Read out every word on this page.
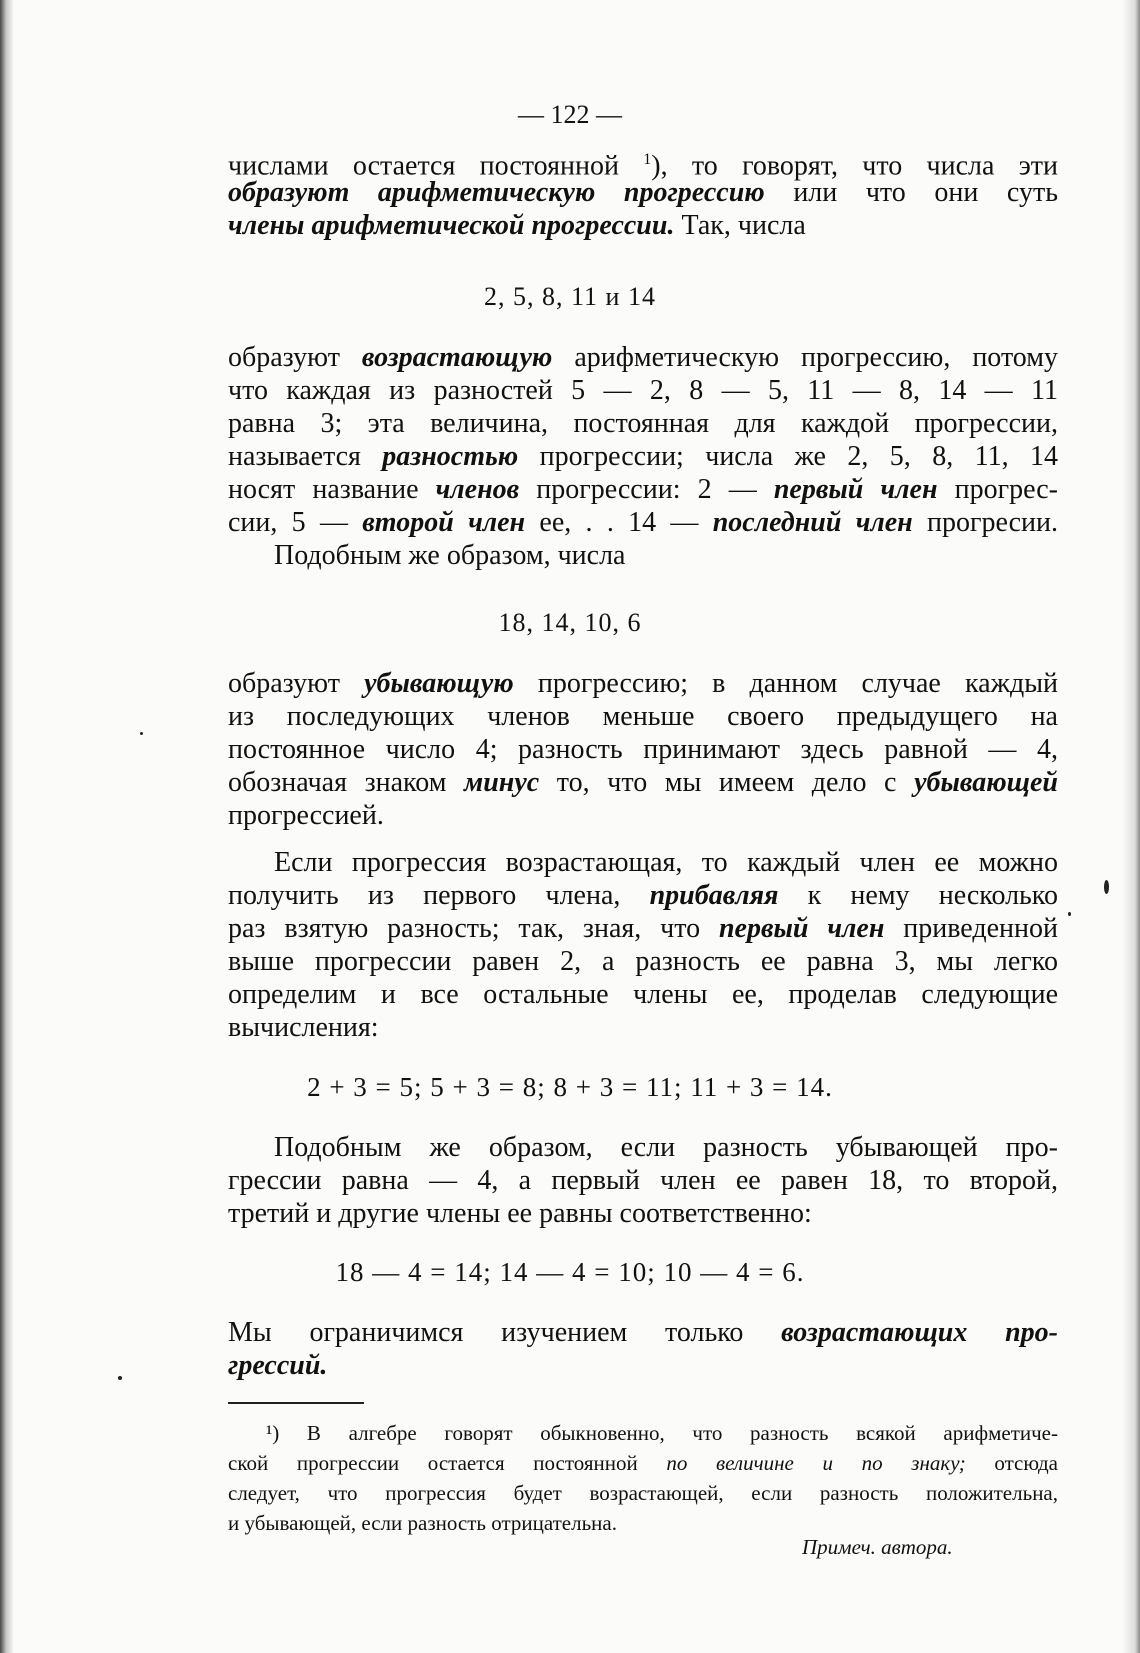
— 122 —
числами остается постоянной $^1$), то говорят, что числа эти
образуют арифметическую прогрессию или что они суть
члены арифметической прогрессии. Так, числа
2, 5, 8, 11 и 14
образуют возрастающую арифметическую прогрессию, потому
что каждая из разностей 5 — 2, 8 — 5, 11 — 8, 14 — 11
равна 3; эта величина, постоянная для каждой прогрессии,
называется разностью прогрессии; числа же 2, 5, 8, 11, 14
носят название членов прогрессии: 2 — первый член прогрес-
сии, 5 — второй член ее, . . 14 — последний член прогресии.
Подобным же образом, числа
18, 14, 10, 6
образуют убывающую прогрессию; в данном случае каждый
из последующих членов меньше своего предыдущего на
постоянное число 4; разность принимают здесь равной — 4,
обозначая знаком минус то, что мы имеем дело с убывающей
прогрессией.
Если прогрессия возрастающая, то каждый член ее можно
получить из первого члена, прибавляя к нему несколько
раз взятую разность; так, зная, что первый член приведенной
выше прогрессии равен 2, а разность ее равна 3, мы легко
определим и все остальные члены ее, проделав следующие
вычисления:
2 + 3 = 5; 5 + 3 = 8; 8 + 3 = 11; 11 + 3 = 14.
Подобным же образом, если разность убывающей про-
грессии равна — 4, а первый член ее равен 18, то второй,
третий и другие члены ее равны соответственно:
18 — 4 = 14; 14 — 4 = 10; 10 — 4 = 6.
Мы ограничимся изучением только возрастающих про-
грессий.
¹) В алгебре говорят обыкновенно, что разность всякой арифметиче-
ской прогрессии остается постоянной по величине и по знаку; отсюда
следует, что прогрессия будет возрастающей, если разность положительна,
и убывающей, если разность отрицательна.
Примеч. автора.
